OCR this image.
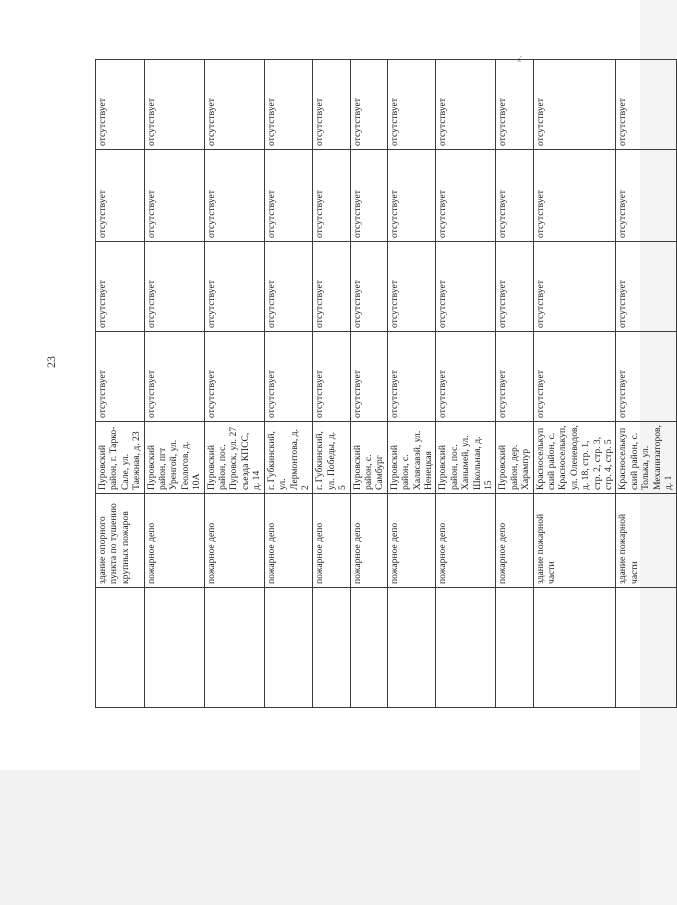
23
».
	здание опорного пункта по тушению крупных пожаров	Пуровский район, г. Тарко-Сале, ул. Таежная, д. 23	отсутствует	отсутствует	отсутствует	отсутствует
	пожарное депо	Пуровский район, пгт Уренгой, ул. Геологов, д. 10А	отсутствует	отсутствует	отсутствует	отсутствует
	пожарное депо	Пуровский район, пос. Пуровск, ул. 27 съезда КПСС, д. 14	отсутствует	отсутствует	отсутствует	отсутствует
	пожарное депо	г. Губкинский, ул. Лермонтова, д. 2	отсутствует	отсутствует	отсутствует	отсутствует
	пожарное депо	г. Губкинский, ул. Победы, д. 5	отсутствует	отсутствует	отсутствует	отсутствует
	пожарное депо	Пуровский район, с. Самбург	отсутствует	отсутствует	отсутствует	отсутствует
	пожарное депо	Пуровский район, с. Халясавэй, ул. Ненецкая	отсутствует	отсутствует	отсутствует	отсутствует
	пожарное депо	Пуровский район, пос. Ханымей, ул. Школьная, д. 15	отсутствует	отсутствует	отсутствует	отсутствует
	пожарное депо	Пуровский район, дер. Харампур	отсутствует	отсутствует	отсутствует	отсутствует
	здание пожарной части	Красноселькупский район, с. Красноселькуп, ул. Оленеводов, д. 18, стр. 1, стр. 2, стр. 3, стр. 4, стр. 5	отсутствует	отсутствует	отсутствует	отсутствует
	здание пожарной части	Красноселькупский район, с. Толька, ул. Механизаторов, д. 1	отсутствует	отсутствует	отсутствует	отсутствует
